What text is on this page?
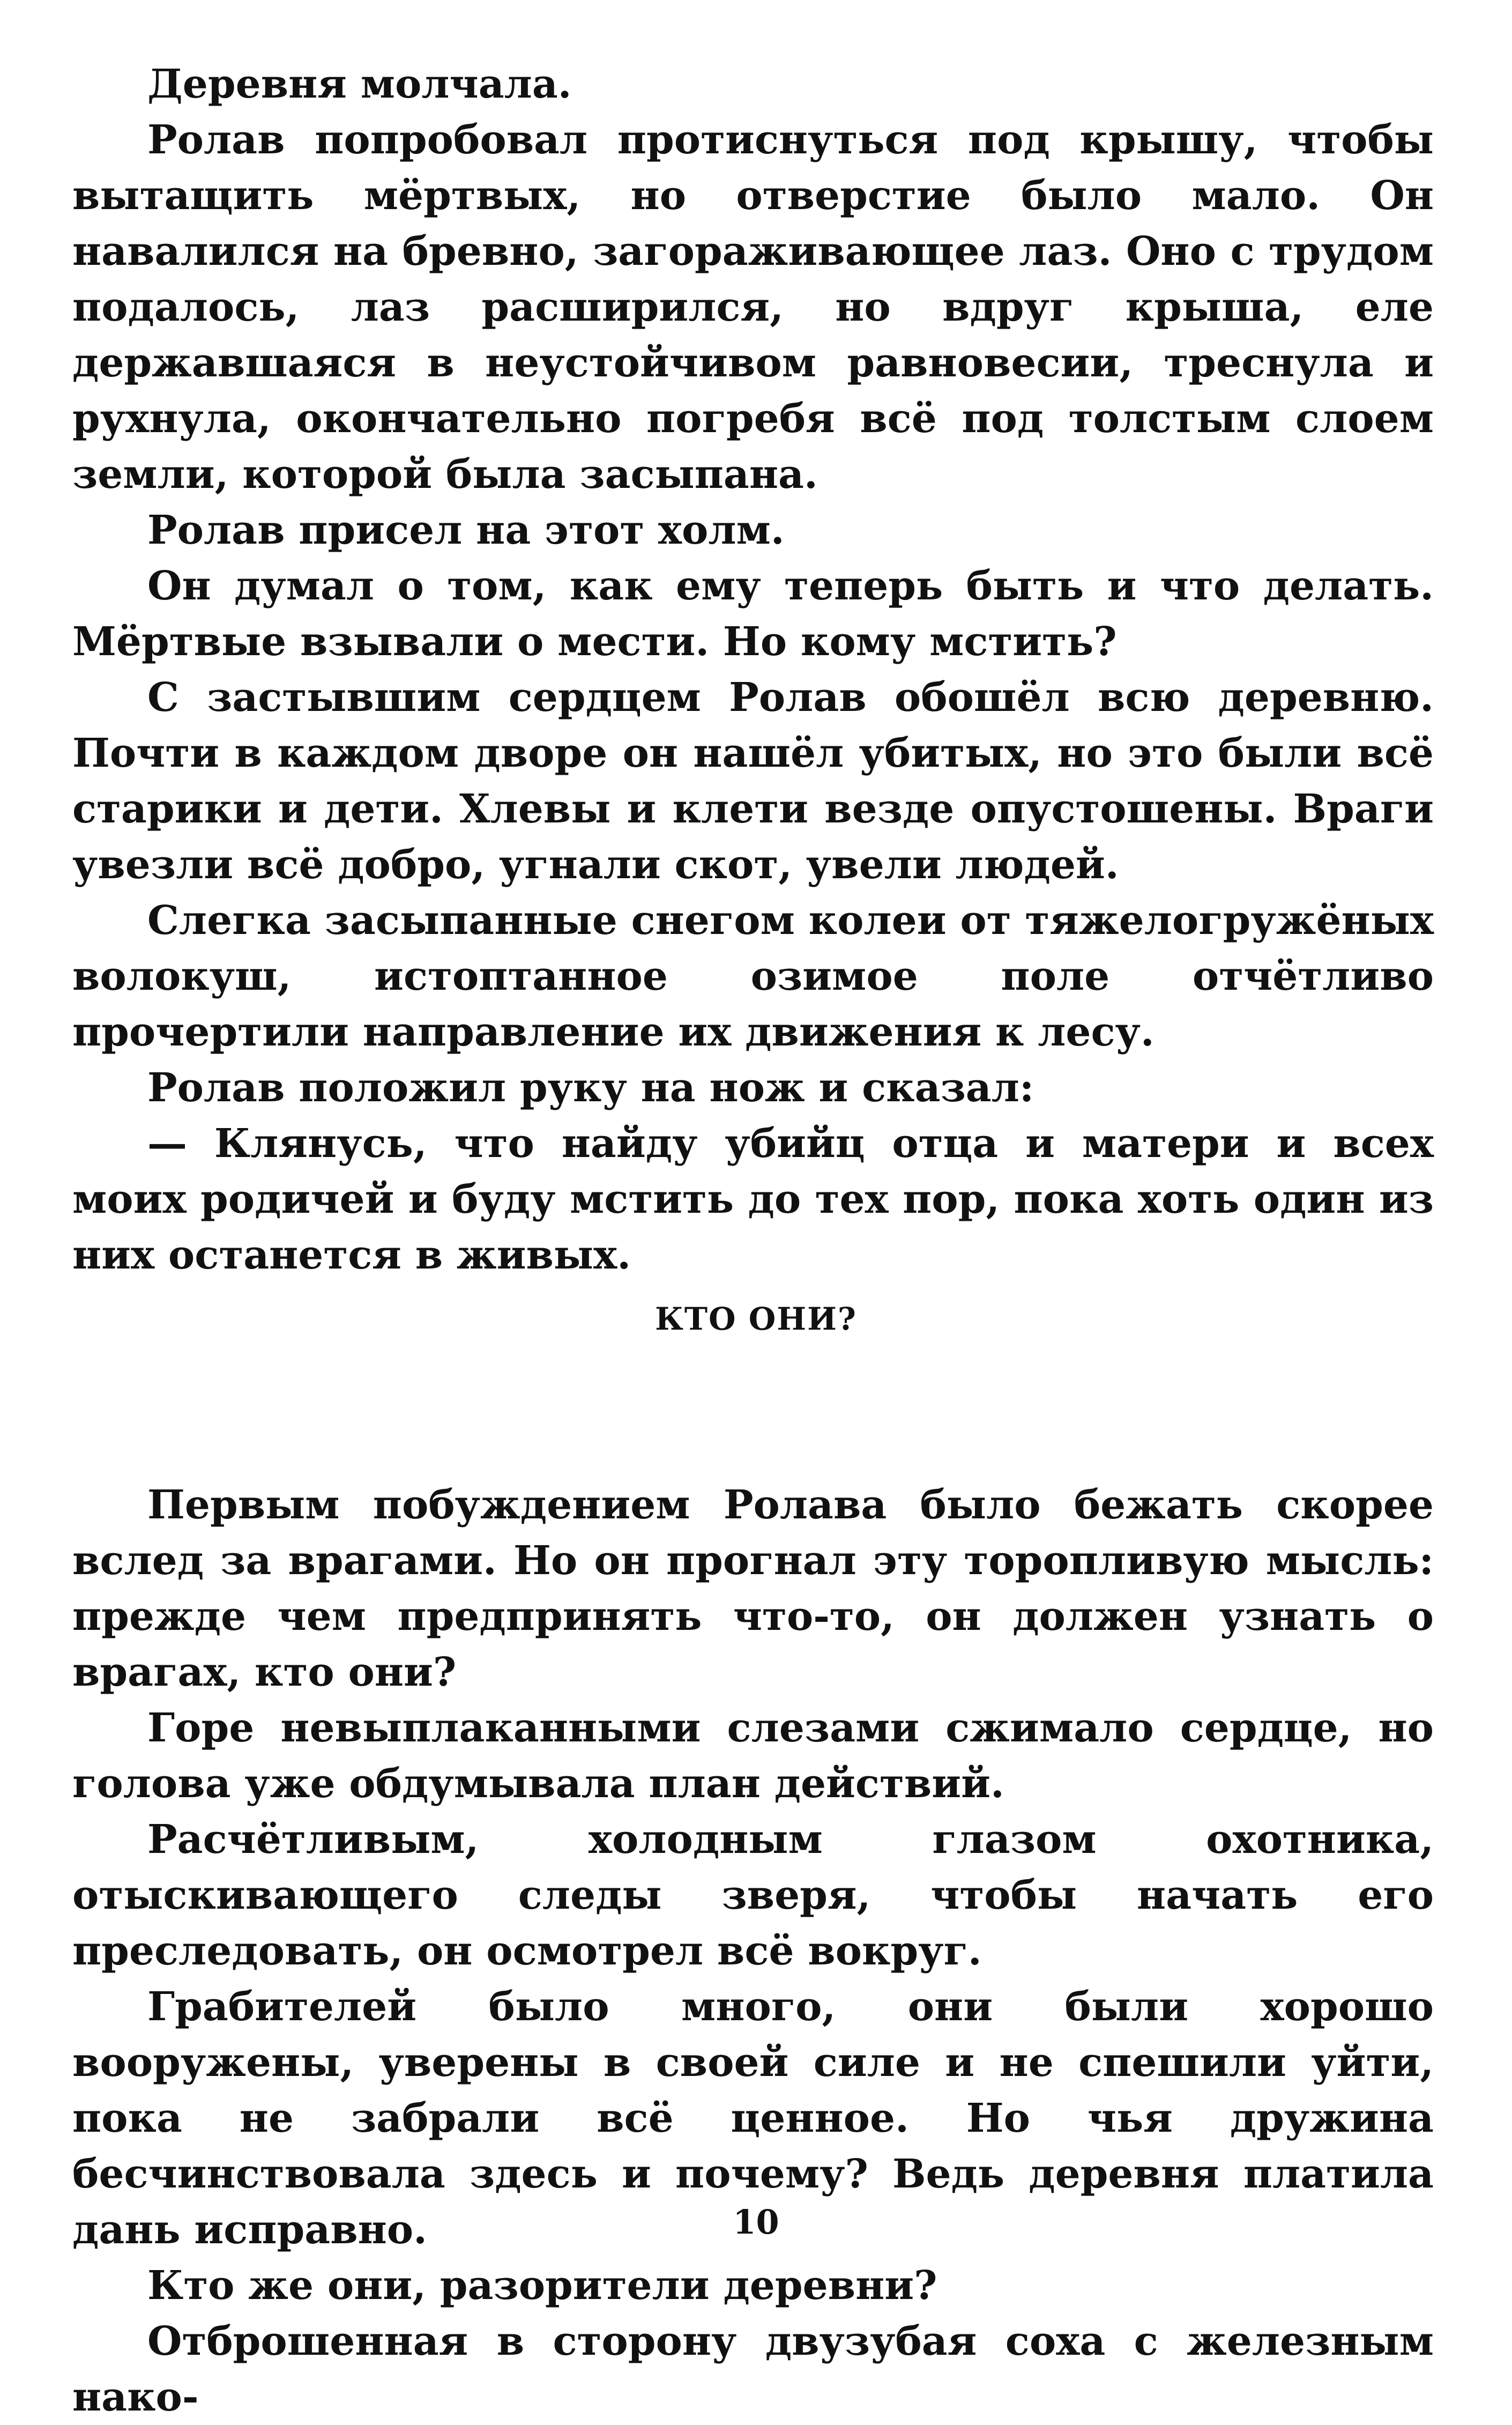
Деревня молчала.

Ролав попробовал протиснуться под крышу, чтобы вытащить мёртвых, но отверстие было мало. Он навалился на бревно, загораживающее лаз. Оно с трудом подалось, лаз расширился, но вдруг крыша, еле державшаяся в неустойчивом равновесии, треснула и рухнула, окончательно погребя всё под толстым слоем земли, которой была засыпана.

Ролав присел на этот холм.

Он думал о том, как ему теперь быть и что делать. Мёртвые взывали о мести. Но кому мстить?

С застывшим сердцем Ролав обошёл всю деревню. Почти в каждом дворе он нашёл убитых, но это были всё старики и дети. Хлевы и клети везде опустошены. Враги увезли всё добро, угнали скот, увели людей.

Слегка засыпанные снегом колеи от тяжелогружёных волокуш, истоптанное озимое поле отчётливо прочертили направление их движения к лесу.

Ролав положил руку на нож и сказал:

— Клянусь, что найду убийц отца и матери и всех моих родичей и буду мстить до тех пор, пока хоть один из них останется в живых.

КТО ОНИ?

Первым побуждением Ролава было бежать скорее вслед за врагами. Но он прогнал эту торопливую мысль: прежде чем предпринять что-то, он должен узнать о врагах, кто они?

Горе невыплаканными слезами сжимало сердце, но голова уже обдумывала план действий.

Расчётливым, холодным глазом охотника, отыскивающего следы зверя, чтобы начать его преследовать, он осмотрел всё вокруг.

Грабителей было много, они были хорошо вооружены, уверены в своей силе и не спешили уйти, пока не забрали всё ценное. Но чья дружина бесчинствовала здесь и почему? Ведь деревня платила дань исправно.

Кто же они, разорители деревни?

Отброшенная в сторону двузубая соха с железным нако-

10
